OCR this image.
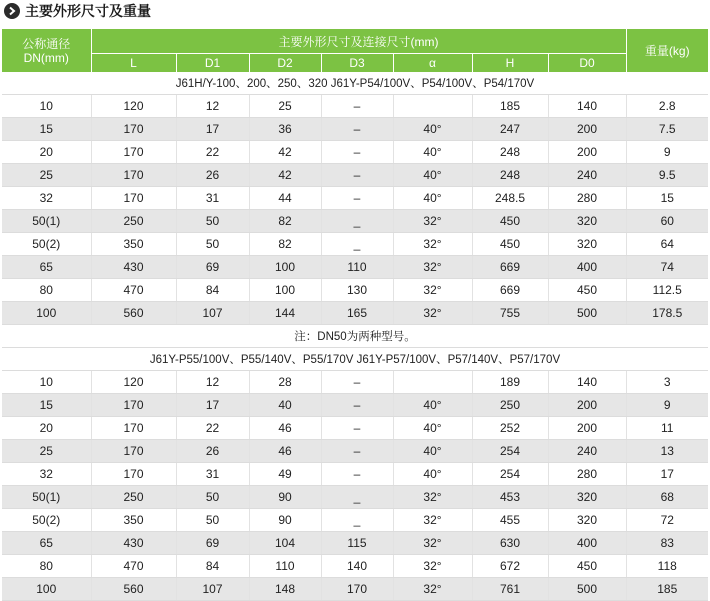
主要外形尺寸及重量
公称通径
DN(mm)	主要外形尺寸及连接尺寸(mm)							重量(kg)
	L	D1	D2	D3	α	H	D0	
J61H/Y-100、200、250、320 J61Y-P54/100V、P54/100V、P54/170V								
10	120	12	25	–		185	140	2.8
15	170	17	36	–	40°	247	200	7.5
20	170	22	42	–	40°	248	200	9
25	170	26	42	–	40°	248	240	9.5
32	170	31	44	–	40°	248.5	280	15
50(1)	250	50	82	_	32°	450	320	60
50(2)	350	50	82	_	32°	450	320	64
65	430	69	100	110	32°	669	400	74
80	470	84	100	130	32°	669	450	112.5
100	560	107	144	165	32°	755	500	178.5
注：DN50为两种型号。								
J61Y-P55/100V、P55/140V、P55/170V J61Y-P57/100V、P57/140V、P57/170V								
10	120	12	28	–		189	140	3
15	170	17	40	–	40°	250	200	9
20	170	22	46	–	40°	252	200	11
25	170	26	46	–	40°	254	240	13
32	170	31	49	–	40°	254	280	17
50(1)	250	50	90	_	32°	453	320	68
50(2)	350	50	90	_	32°	455	320	72
65	430	69	104	115	32°	630	400	83
80	470	84	110	140	32°	672	450	118
100	560	107	148	170	32°	761	500	185
